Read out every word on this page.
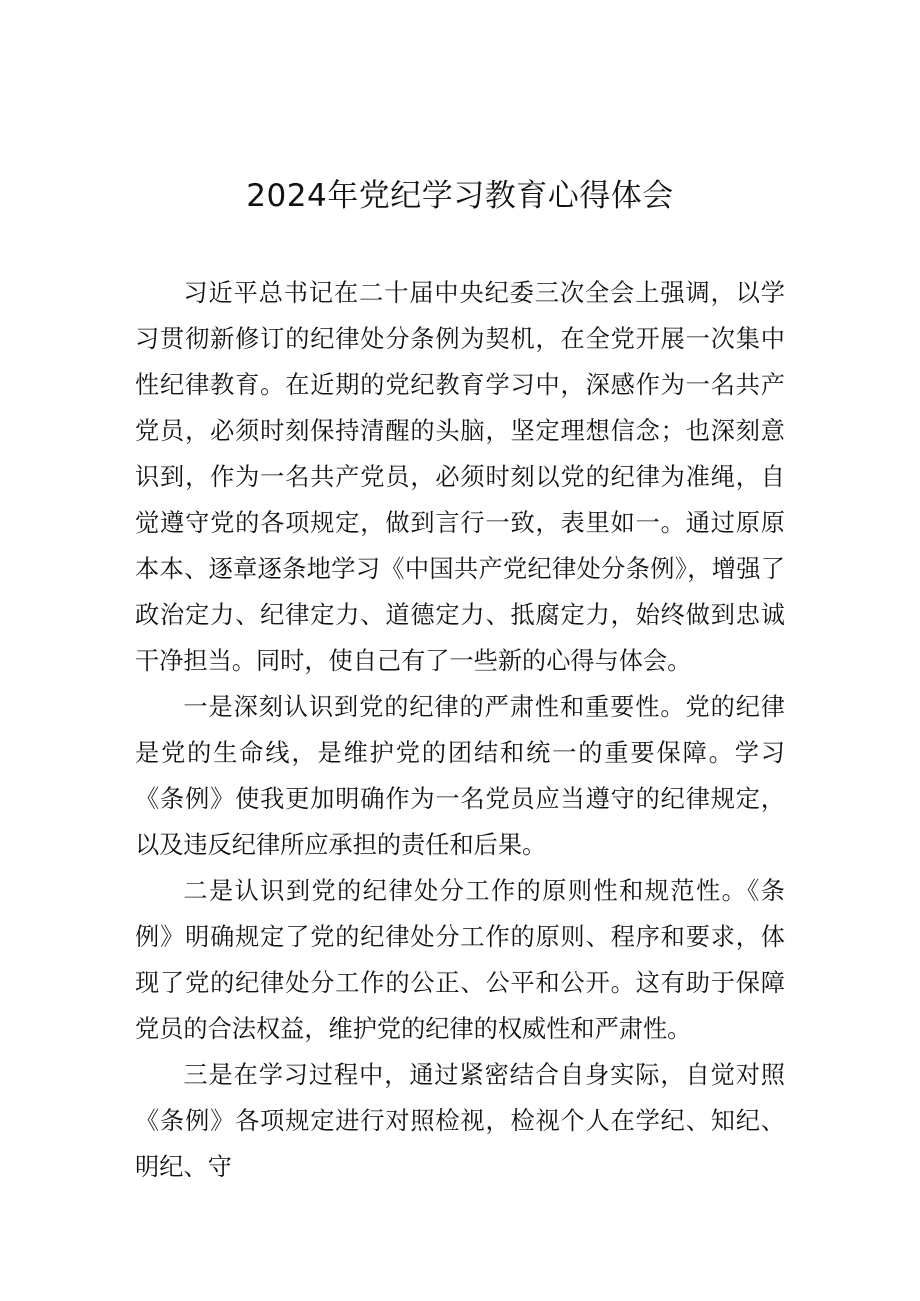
2024年党纪学习教育心得体会

习近平总书记在二十届中央纪委三次全会上强调，以学习贯彻新修订的纪律处分条例为契机，在全党开展一次集中性纪律教育。在近期的党纪教育学习中，深感作为一名共产党员，必须时刻保持清醒的头脑，坚定理想信念；也深刻意识到，作为一名共产党员，必须时刻以党的纪律为准绳，自觉遵守党的各项规定，做到言行一致，表里如一。通过原原本本、逐章逐条地学习《中国共产党纪律处分条例》，增强了政治定力、纪律定力、道德定力、抵腐定力，始终做到忠诚干净担当。同时，使自己有了一些新的心得与体会。

一是深刻认识到党的纪律的严肃性和重要性。党的纪律是党的生命线，是维护党的团结和统一的重要保障。学习《条例》使我更加明确作为一名党员应当遵守的纪律规定，以及违反纪律所应承担的责任和后果。

二是认识到党的纪律处分工作的原则性和规范性。《条例》明确规定了党的纪律处分工作的原则、程序和要求，体现了党的纪律处分工作的公正、公平和公开。这有助于保障党员的合法权益，维护党的纪律的权威性和严肃性。

三是在学习过程中，通过紧密结合自身实际，自觉对照《条例》各项规定进行对照检视，检视个人在学纪、知纪、明纪、守
